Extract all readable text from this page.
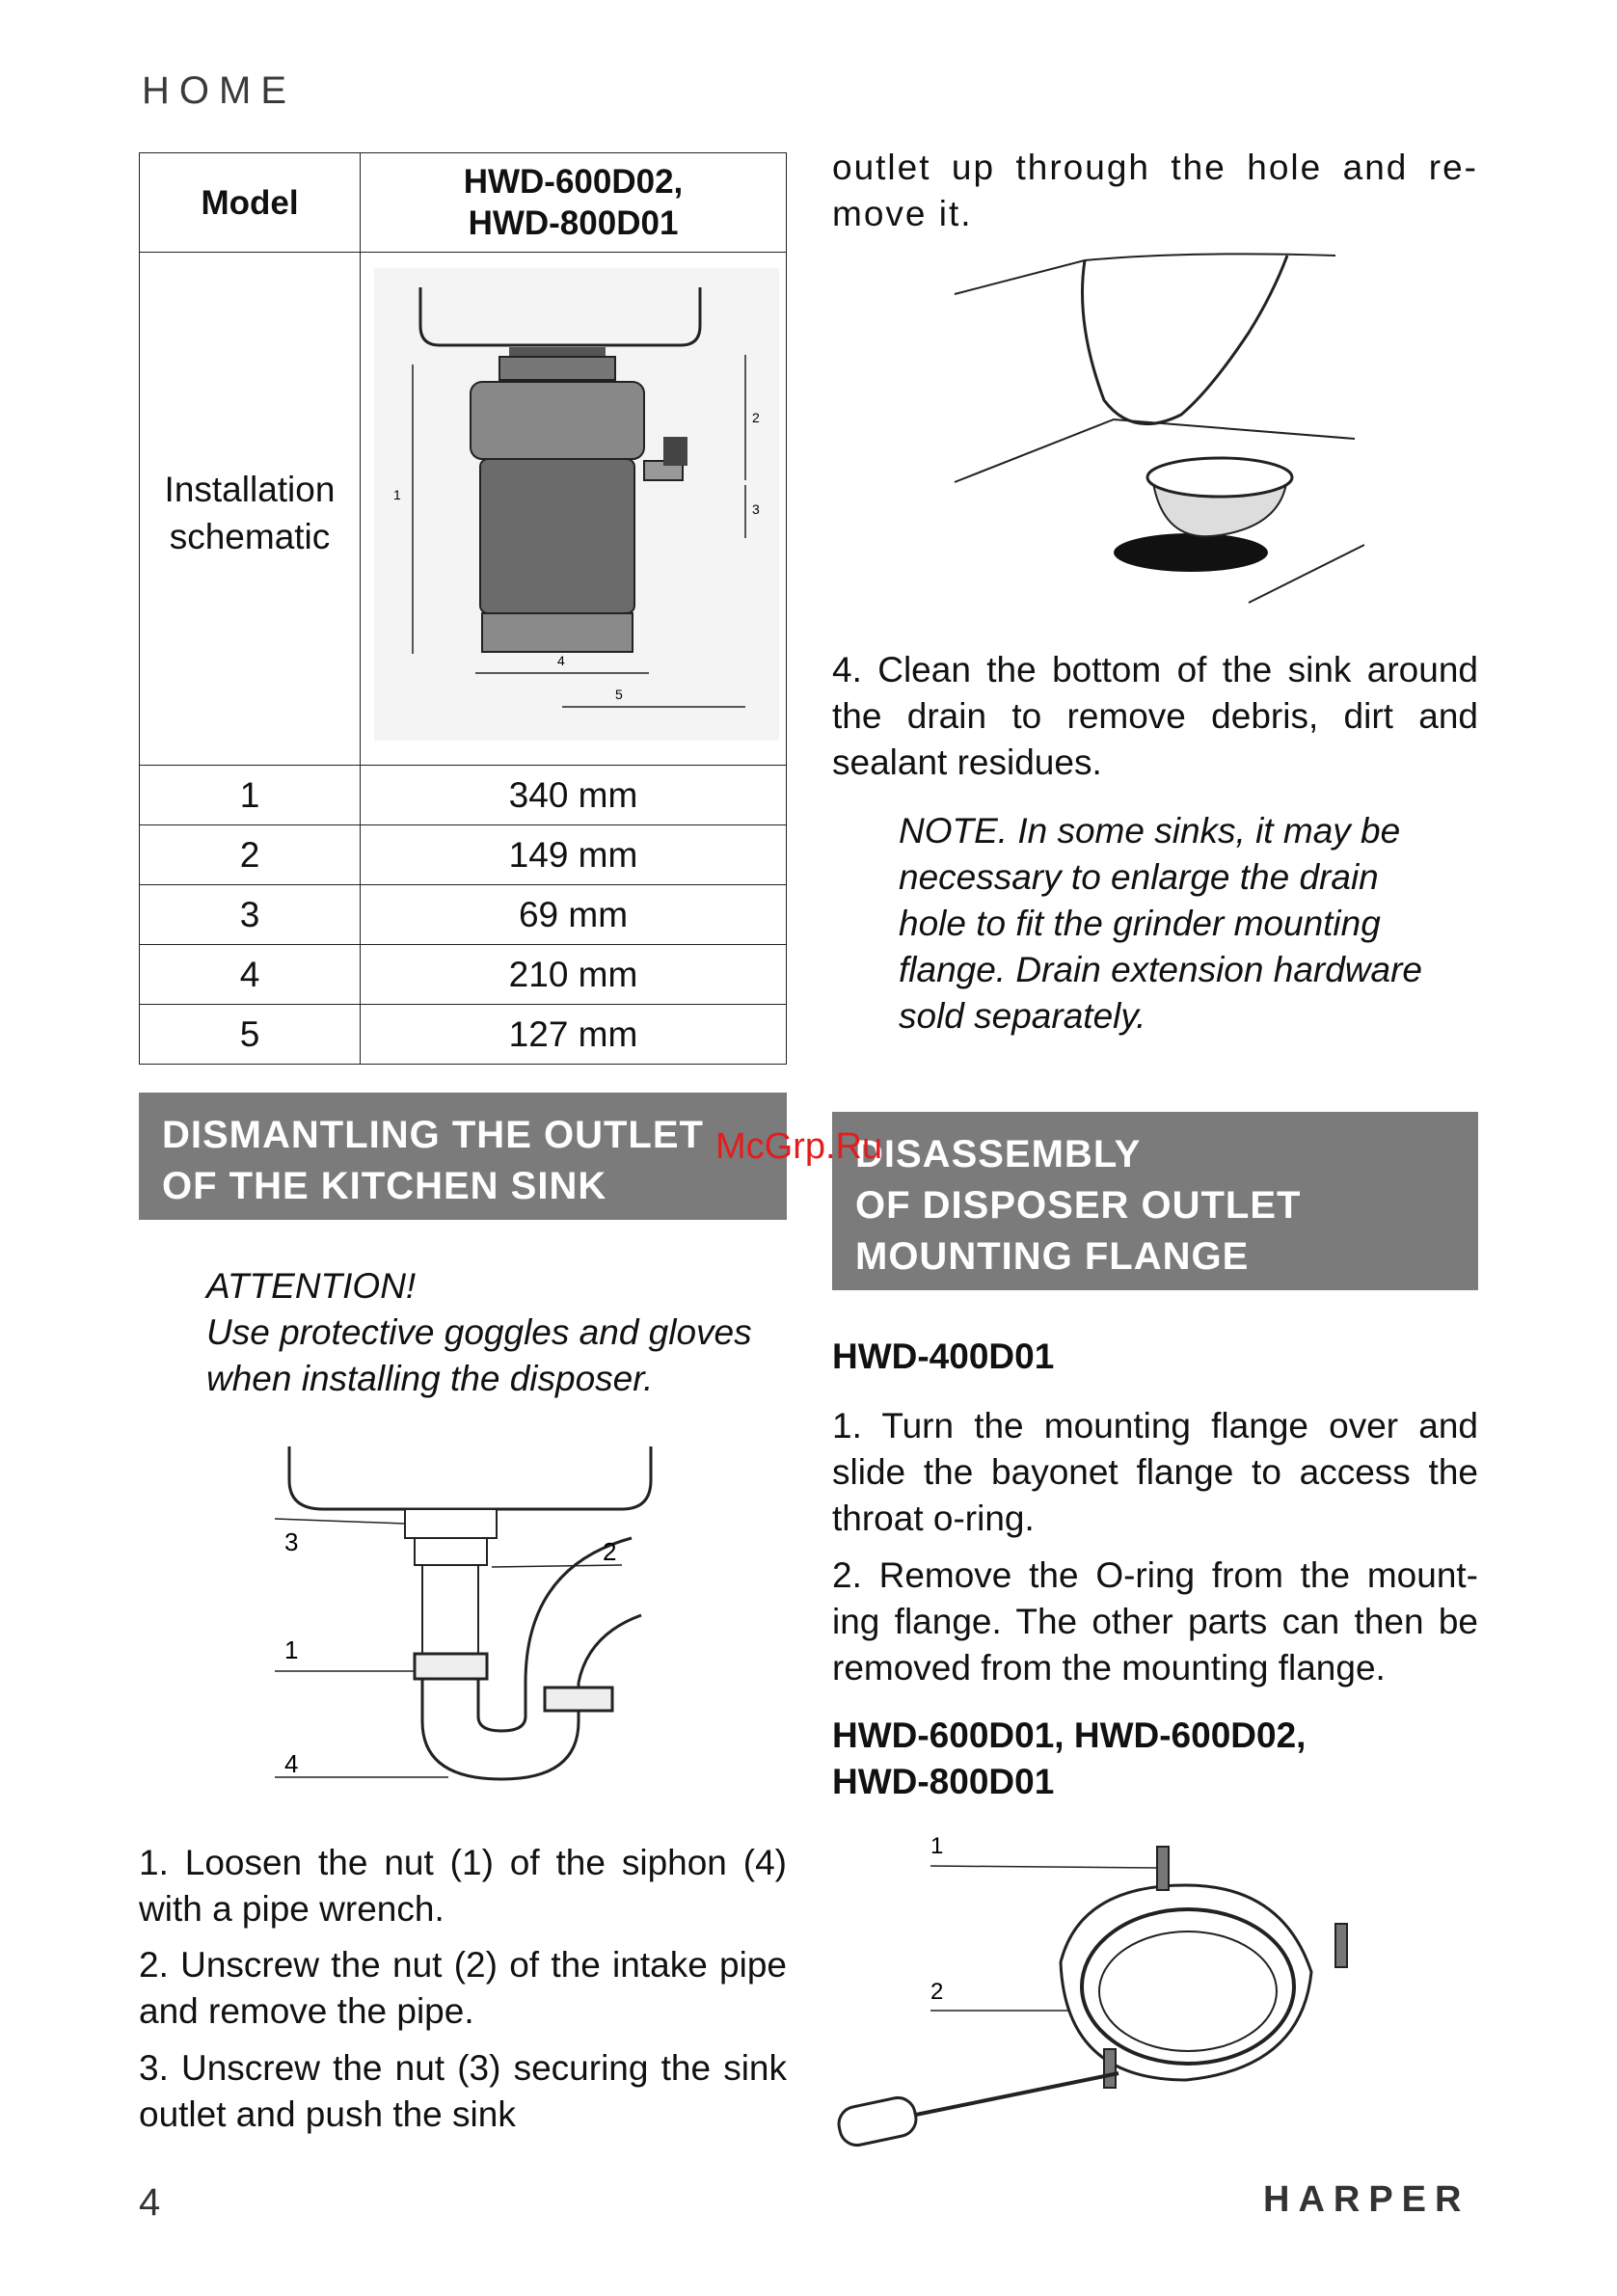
HOME
Model	HWD-600D02,
HWD-800D01
Installation
schematic	1
2
3
4
5

1	340 mm
2	149 mm
3	69 mm
4	210 mm
5	127 mm
DISMANTLING THE OUTLET
OF THE KITCHEN SINK
ATTENTION!
Use protective goggles and gloves
when installing the disposer.
3	2
1
4
1. Loosen the nut (1) of the siphon (4) with a pipe wrench.
2. Unscrew the nut (2) of the intake pipe and remove the pipe.
3. Unscrew the nut (3) securing the sink outlet and push the sink
outlet up through the hole and re-move it.
4. Clean the bottom of the sink around the drain to remove debris, dirt and sealant residues.
NOTE. In some sinks, it may be
necessary to enlarge the drain
hole to fit the grinder mounting
flange. Drain extension hardware
sold separately.
DISASSEMBLY
OF DISPOSER OUTLET
MOUNTING FLANGE
HWD-400D01
1. Turn the mounting flange over and slide the bayonet flange to access the throat o-ring.
2. Remove the O-ring from the mount-ing flange. The other parts can then be removed from the mounting flange.
HWD-600D01, HWD-600D02,
HWD-800D01
1
2
McGrp.Ru
4	HARPER
